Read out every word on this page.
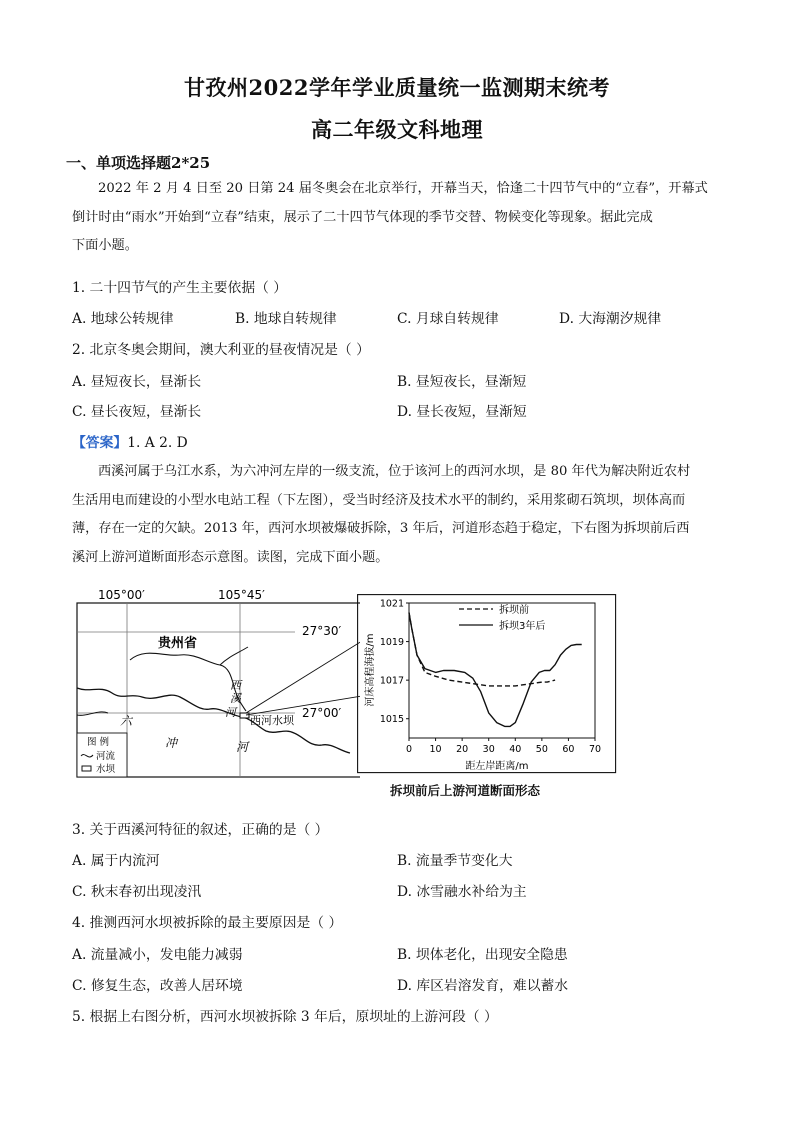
甘孜州2022学年学业质量统一监测期末统考
高二年级文科地理
一、单项选择题2*25
2022 年 2 月 4 日至 20 日第 24 届冬奥会在北京举行，开幕当天，恰逢二十四节气中的“立春”，开幕式
倒计时由“雨水”开始到“立春”结束，展示了二十四节气体现的季节交替、物候变化等现象。据此完成
下面小题。
1. 二十四节气的产生主要依据（ ）
A. 地球公转规律	B. 地球自转规律	C. 月球自转规律	D. 大海潮汐规律
2. 北京冬奥会期间，澳大利亚的昼夜情况是（ ）
A. 昼短夜长，昼渐长	B. 昼短夜长，昼渐短
C. 昼长夜短，昼渐长	D. 昼长夜短，昼渐短
【答案】1. A 2. D
西溪河属于乌江水系，为六冲河左岸的一级支流，位于该河上的西河水坝，是 80 年代为解决附近农村
生活用电而建设的小型水电站工程（下左图），受当时经济及技术水平的制约，采用浆砌石筑坝，坝体高而
薄，存在一定的欠缺。2013 年，西河水坝被爆破拆除，3 年后，河道形态趋于稳定，下右图为拆坝前后西
溪河上游河道断面形态示意图。读图，完成下面小题。
105°00′	105°45′
27°30′
27°00′
贵州省
西
溪
河
西河水坝
六
冲	河
图 例
河流
水坝
0 10 20 30 40 50 60 70
1015
1017
1019
1021
拆坝前
拆坝3年后
河床高程海拔/m
距左岸距离/m
拆坝前后上游河道断面形态
3. 关于西溪河特征的叙述，正确的是（ ）
A. 属于内流河	B. 流量季节变化大
C. 秋末春初出现凌汛	D. 冰雪融水补给为主
4. 推测西河水坝被拆除的最主要原因是（ ）
A. 流量减小，发电能力减弱	B. 坝体老化，出现安全隐患
C. 修复生态，改善人居环境	D. 库区岩溶发育，难以蓄水
5. 根据上右图分析，西河水坝被拆除 3 年后，原坝址的上游河段（ ）
